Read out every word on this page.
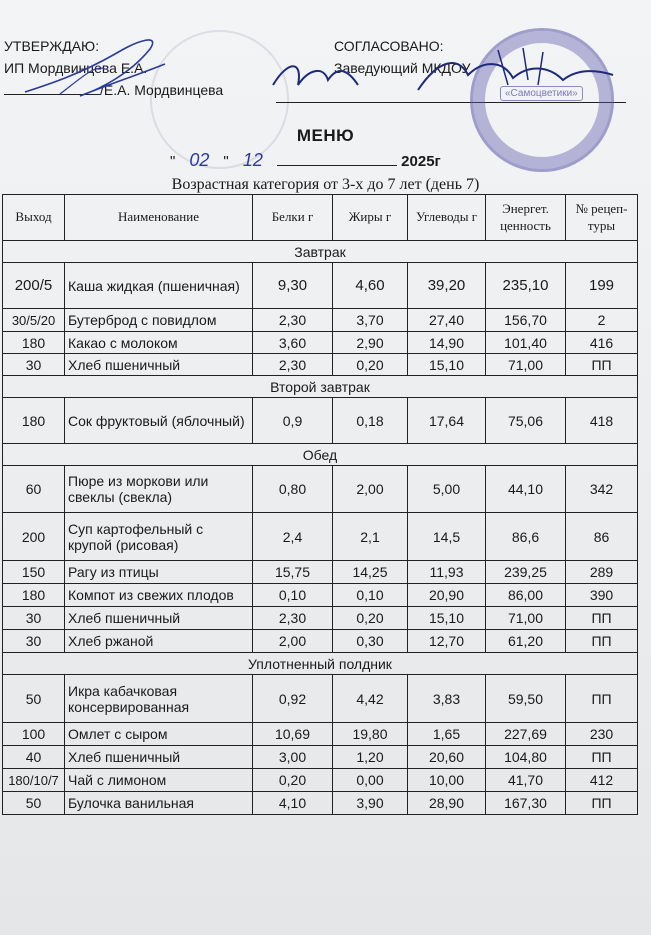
УТВЕРЖДАЮ:
ИП Мордвинцева Е.А.
/Е.А. Мордвинцева
СОГЛАСОВАНО:
Заведующий МКДОУ
«Самоцветики»
МЕНЮ
" 02 " 12	2025г
Возрастная категория от 3-х до 7 лет (день 7)
Выход	Наименование	Белки г	Жиры г	Углеводы г	Энергет. ценность	№ рецеп-туры
Завтрак						
200/5	Каша жидкая (пшеничная)	9,30	4,60	39,20	235,10	199
30/5/20	Бутерброд с повидлом	2,30	3,70	27,40	156,70	2
180	Какао с молоком	3,60	2,90	14,90	101,40	416
30	Хлеб пшеничный	2,30	0,20	15,10	71,00	ПП
Второй завтрак						
180	Сок фруктовый (яблочный)	0,9	0,18	17,64	75,06	418
Обед						
60	Пюре из моркови или свеклы (свекла)	0,80	2,00	5,00	44,10	342
200	Суп картофельный с крупой (рисовая)	2,4	2,1	14,5	86,6	86
150	Рагу из птицы	15,75	14,25	11,93	239,25	289
180	Компот из свежих плодов	0,10	0,10	20,90	86,00	390
30	Хлеб пшеничный	2,30	0,20	15,10	71,00	ПП
30	Хлеб ржаной	2,00	0,30	12,70	61,20	ПП
Уплотненный полдник						
50	Икра кабачковая консервированная	0,92	4,42	3,83	59,50	ПП
100	Омлет с сыром	10,69	19,80	1,65	227,69	230
40	Хлеб пшеничный	3,00	1,20	20,60	104,80	ПП
180/10/7	Чай с лимоном	0,20	0,00	10,00	41,70	412
50	Булочка ванильная	4,10	3,90	28,90	167,30	ПП
